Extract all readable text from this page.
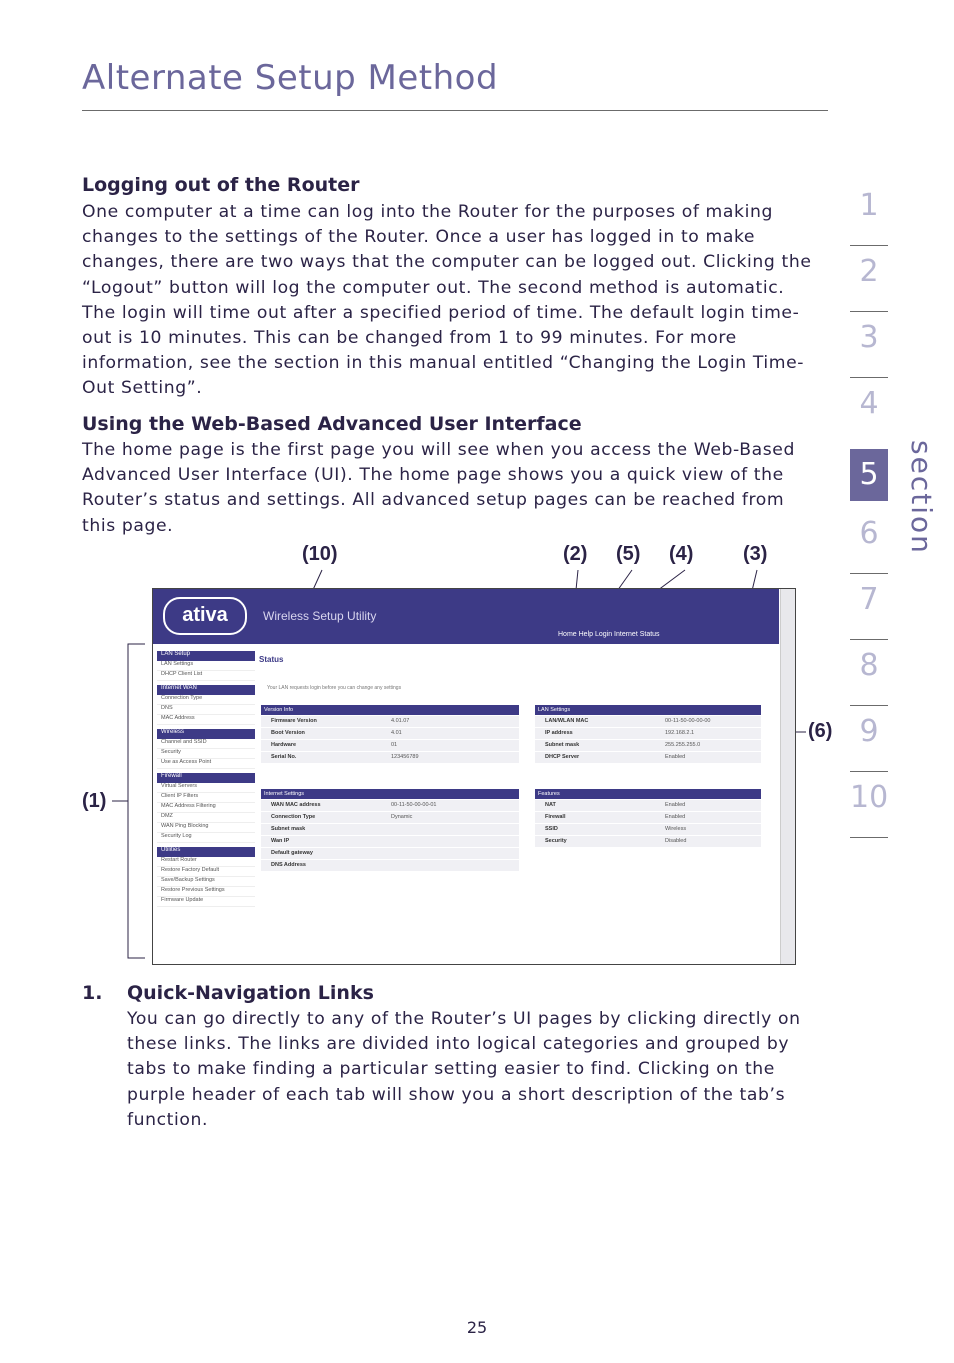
Alternate Setup Method
1
2
3
4
5
6
7
8
9
10
section
Logging out of the Router
One computer at a time can log into the Router for the purposes of making changes to the settings of the Router. Once a user has logged in to make changes, there are two ways that the computer can be logged out. Clicking the “Logout” button will log the computer out. The second method is automatic. The login will time out after a specified period of time. The default login time-out is 10 minutes. This can be changed from 1 to 99 minutes. For more information, see the section in this manual entitled “Changing the Login Time-Out Setting”.
Using the Web-Based Advanced User Interface
The home page is the first page you will see when you access the Web-Based Advanced User Interface (UI). The home page shows you a quick view of the Router’s status and settings. All advanced setup pages can be reached from this page.
(10)	(2) (5) (4) (3)
(6)
(1)
ativa	Wireless Setup Utility
Home Help Login Internet Status
LAN Setup
LAN Settings
DHCP Client List
Internet WAN
Connection Type
DNS
MAC Address
Wireless
Channel and SSID
Security
Use as Access Point
Firewall
Virtual Servers
Client IP Filters
MAC Address Filtering
DMZ
WAN Ping Blocking
Security Log
Utilities
Restart Router
Restore Factory Default
Save/Backup Settings
Restore Previous Settings
Firmware Update
Status
Your LAN requests login before you can change any settings
Version Info
Firmware Version	4.01.07
Boot Version	4.01
Hardware	01
Serial No.	123456789
LAN Settings
LAN/WLAN MAC	00-11-50-00-00-00
IP address	192.168.2.1
Subnet mask	255.255.255.0
DHCP Server	Enabled
Internet Settings
WAN MAC address	00-11-50-00-00-01
Connection Type	Dynamic
Subnet mask
Wan IP
Default gateway
DNS Address
Features
NAT	Enabled
Firewall	Enabled
SSID	Wireless
Security	Disabled
1. Quick-Navigation Links
You can go directly to any of the Router’s UI pages by clicking directly on these links. The links are divided into logical categories and grouped by tabs to make finding a particular setting easier to find. Clicking on the purple header of each tab will show you a short description of the tab’s function.
25
